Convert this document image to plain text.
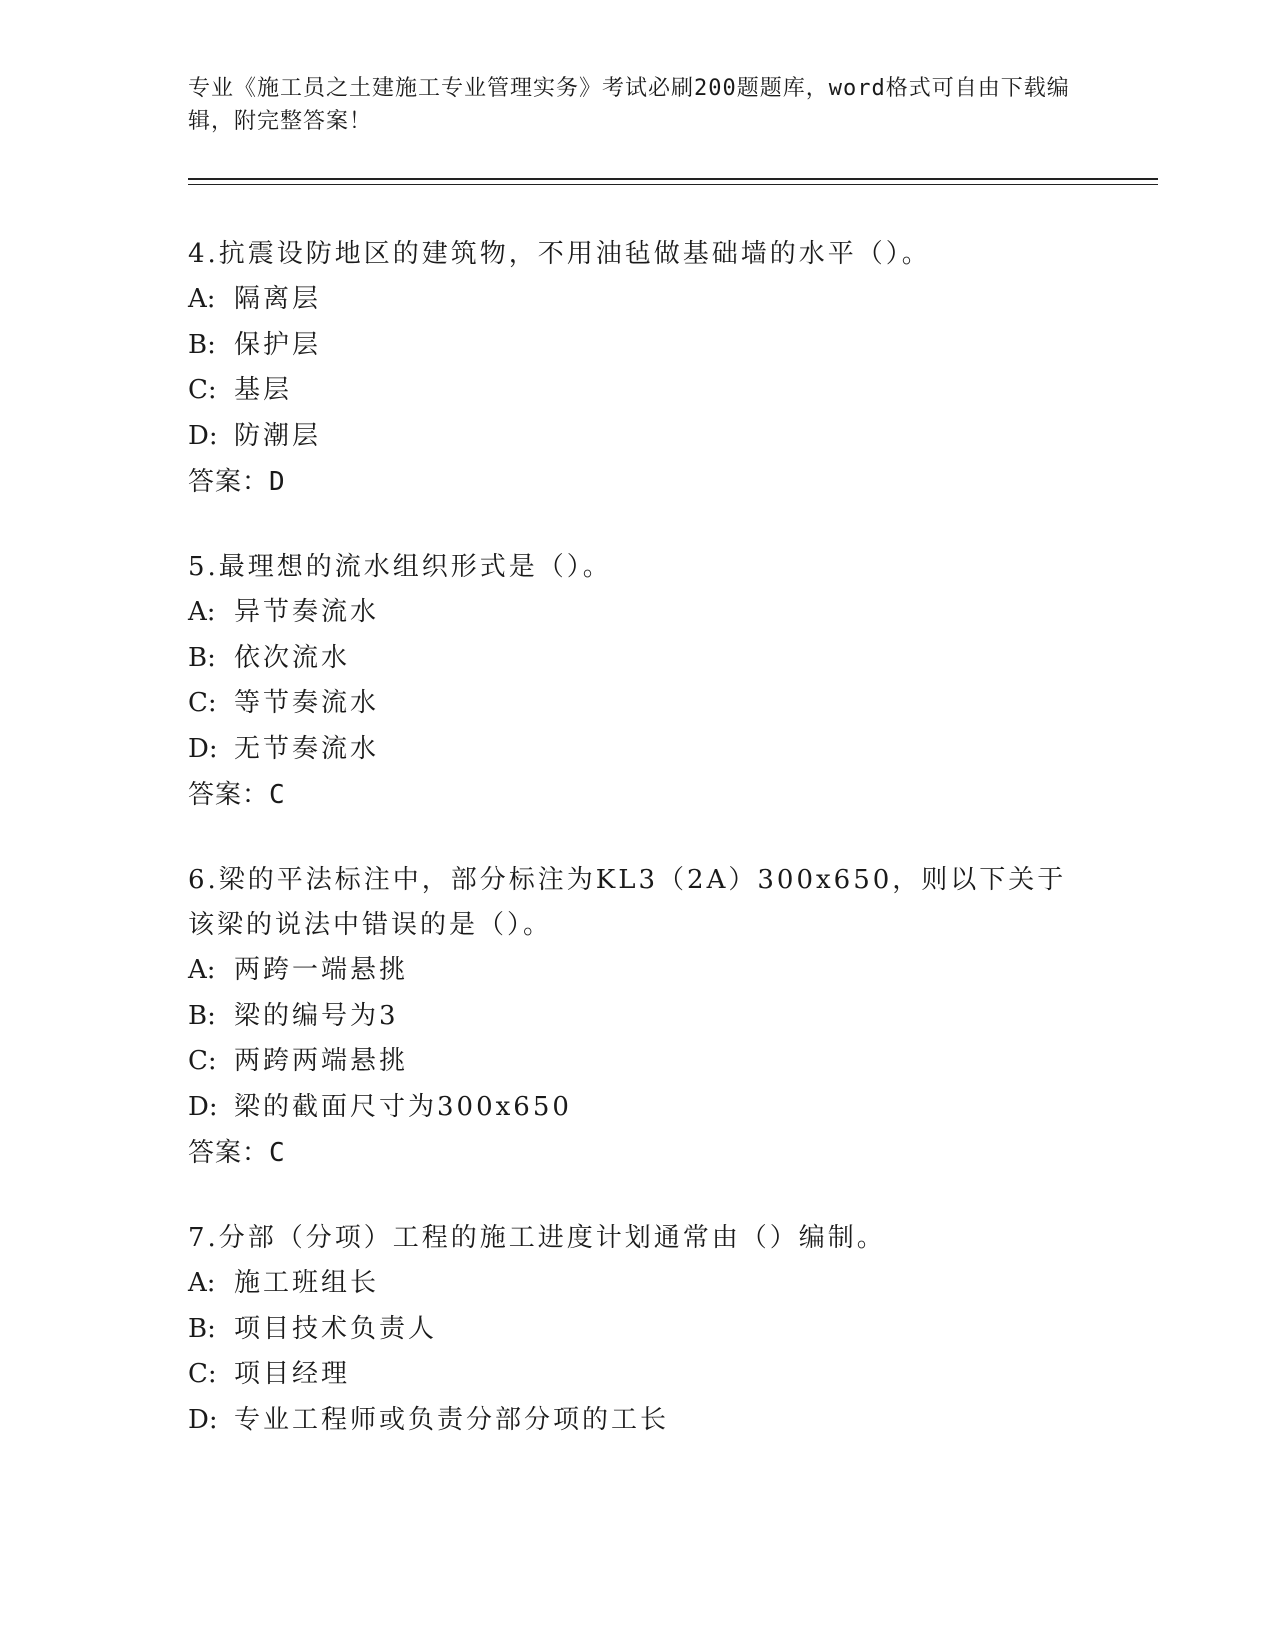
专业《施工员之土建施工专业管理实务》考试必刷200题题库，word格式可自由下载编辑，附完整答案！
4.抗震设防地区的建筑物，不用油毡做基础墙的水平（）。
A: 隔离层
B: 保护层
C: 基层
D: 防潮层
答案：D
5.最理想的流水组织形式是（）。
A: 异节奏流水
B: 依次流水
C: 等节奏流水
D: 无节奏流水
答案：C
6.梁的平法标注中，部分标注为KL3（2A）300x650，则以下关于该梁的说法中错误的是（）。
A: 两跨一端悬挑
B: 梁的编号为3
C: 两跨两端悬挑
D: 梁的截面尺寸为300x650
答案：C
7.分部（分项）工程的施工进度计划通常由（）编制。
A: 施工班组长
B: 项目技术负责人
C: 项目经理
D: 专业工程师或负责分部分项的工长
